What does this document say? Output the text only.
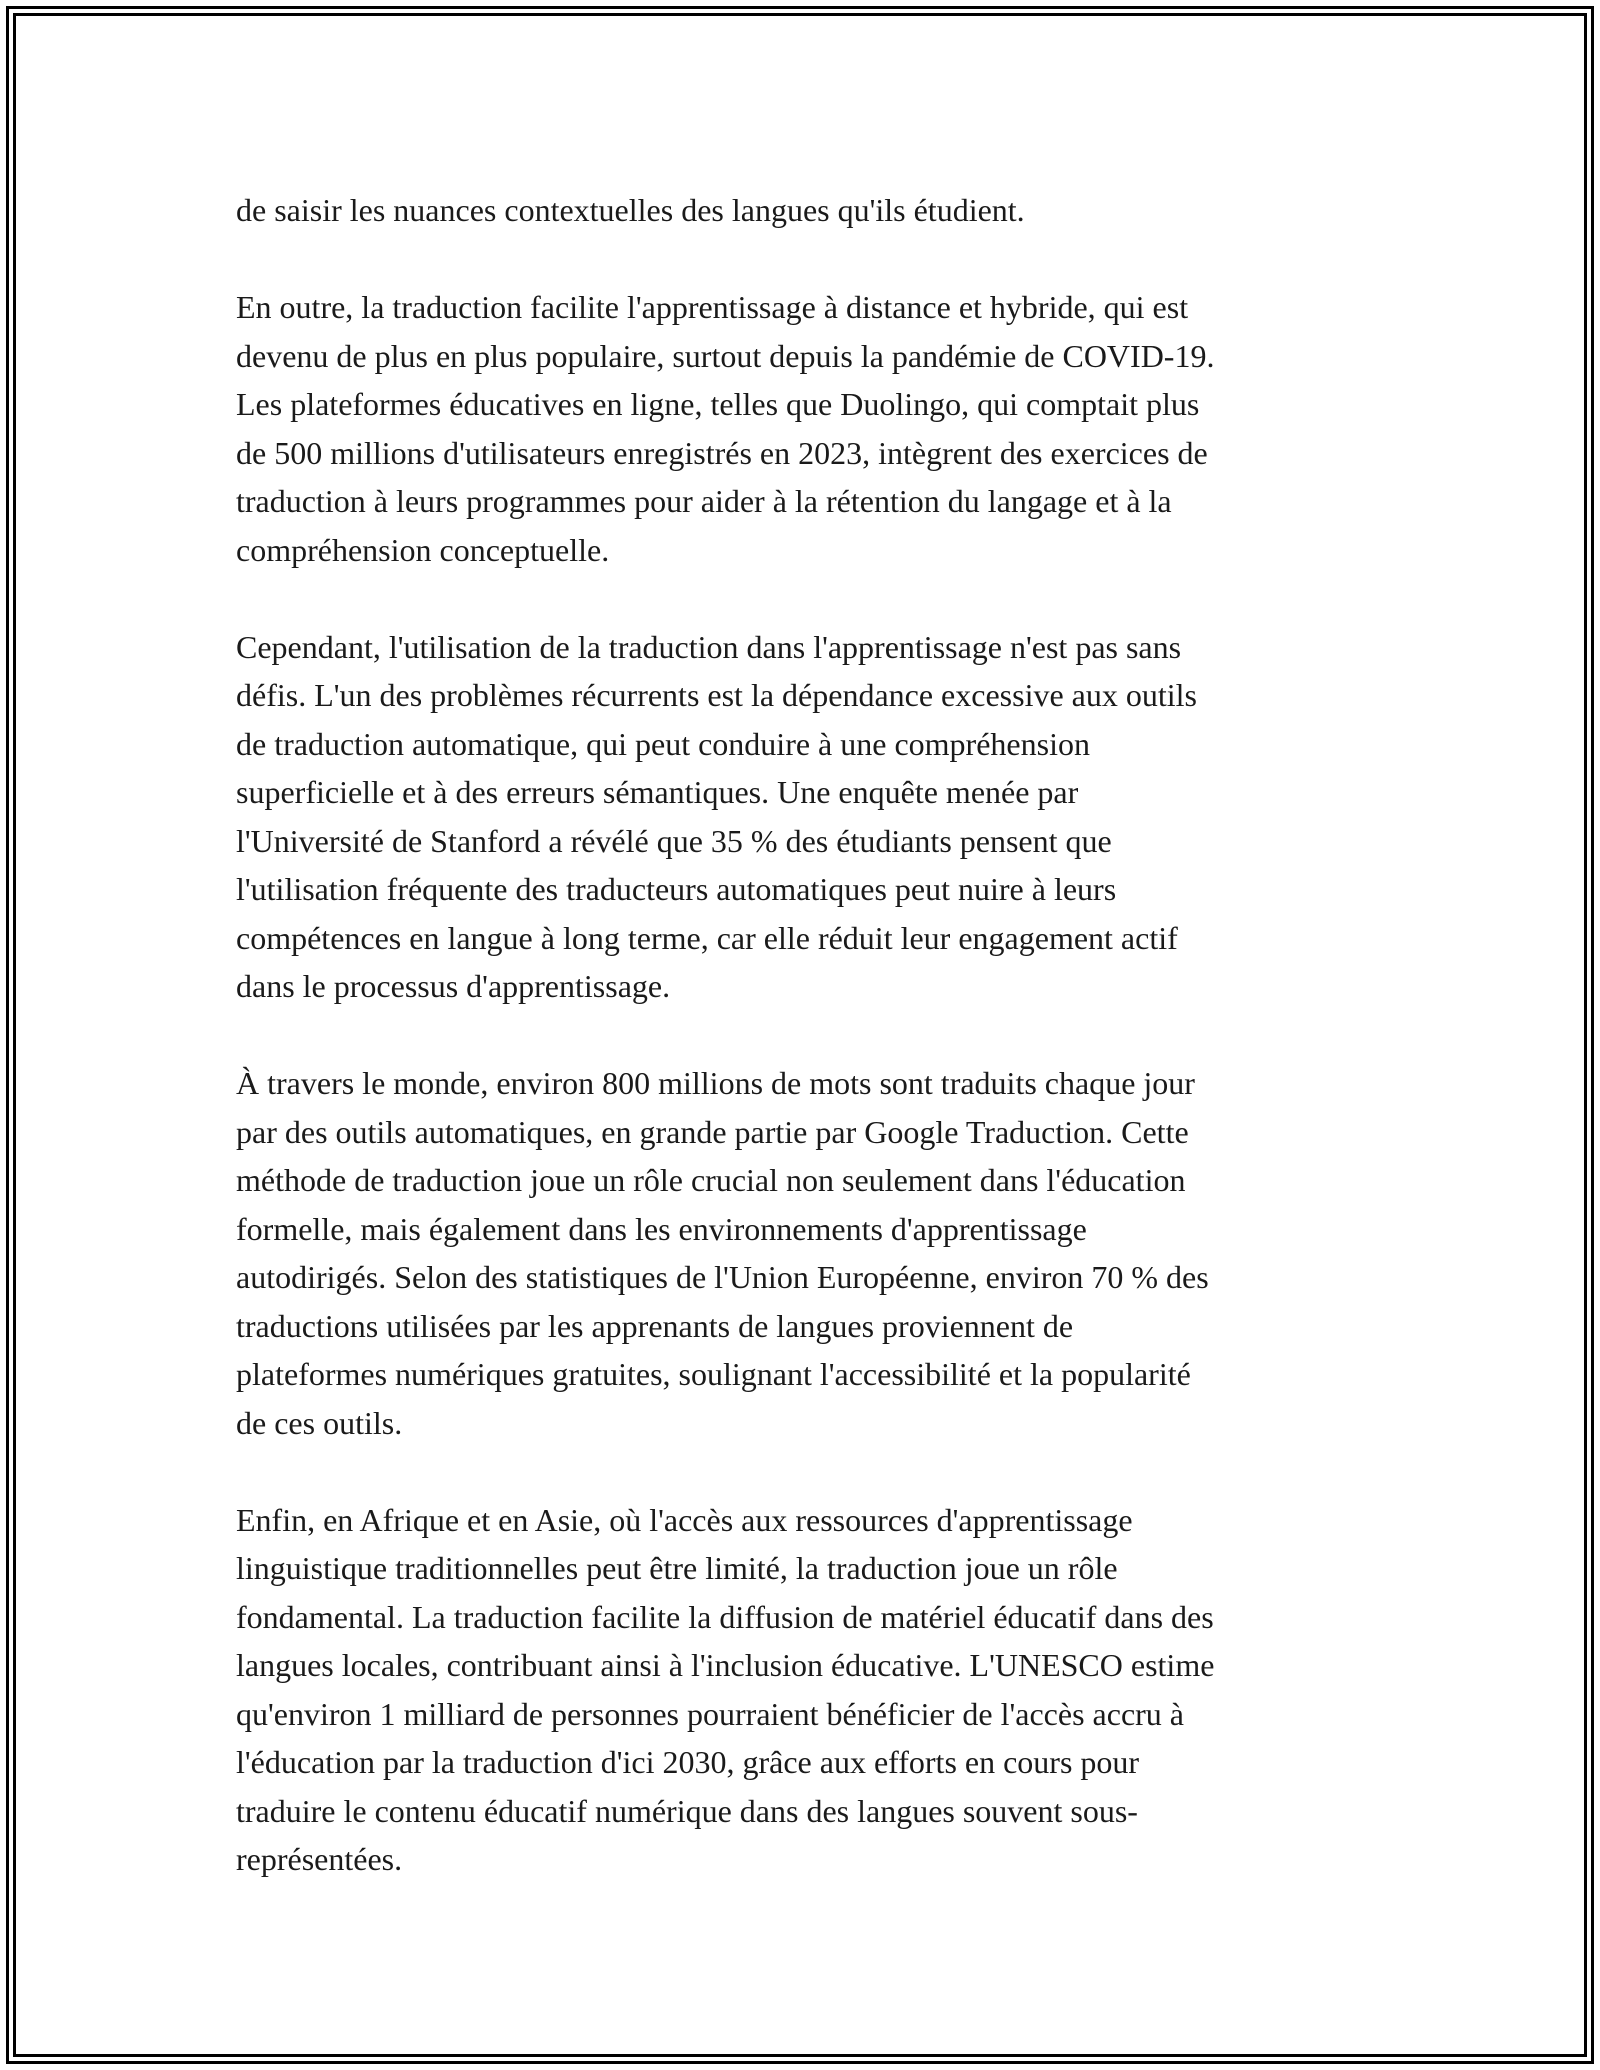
de saisir les nuances contextuelles des langues qu'ils étudient.

En outre, la traduction facilite l'apprentissage à distance et hybride, qui est
devenu de plus en plus populaire, surtout depuis la pandémie de COVID-19.
Les plateformes éducatives en ligne, telles que Duolingo, qui comptait plus
de 500 millions d'utilisateurs enregistrés en 2023, intègrent des exercices de
traduction à leurs programmes pour aider à la rétention du langage et à la
compréhension conceptuelle.

Cependant, l'utilisation de la traduction dans l'apprentissage n'est pas sans
défis. L'un des problèmes récurrents est la dépendance excessive aux outils
de traduction automatique, qui peut conduire à une compréhension
superficielle et à des erreurs sémantiques. Une enquête menée par
l'Université de Stanford a révélé que 35 % des étudiants pensent que
l'utilisation fréquente des traducteurs automatiques peut nuire à leurs
compétences en langue à long terme, car elle réduit leur engagement actif
dans le processus d'apprentissage.

À travers le monde, environ 800 millions de mots sont traduits chaque jour
par des outils automatiques, en grande partie par Google Traduction. Cette
méthode de traduction joue un rôle crucial non seulement dans l'éducation
formelle, mais également dans les environnements d'apprentissage
autodirigés. Selon des statistiques de l'Union Européenne, environ 70 % des
traductions utilisées par les apprenants de langues proviennent de
plateformes numériques gratuites, soulignant l'accessibilité et la popularité
de ces outils.

Enfin, en Afrique et en Asie, où l'accès aux ressources d'apprentissage
linguistique traditionnelles peut être limité, la traduction joue un rôle
fondamental. La traduction facilite la diffusion de matériel éducatif dans des
langues locales, contribuant ainsi à l'inclusion éducative. L'UNESCO estime
qu'environ 1 milliard de personnes pourraient bénéficier de l'accès accru à
l'éducation par la traduction d'ici 2030, grâce aux efforts en cours pour
traduire le contenu éducatif numérique dans des langues souvent sous-
représentées.
